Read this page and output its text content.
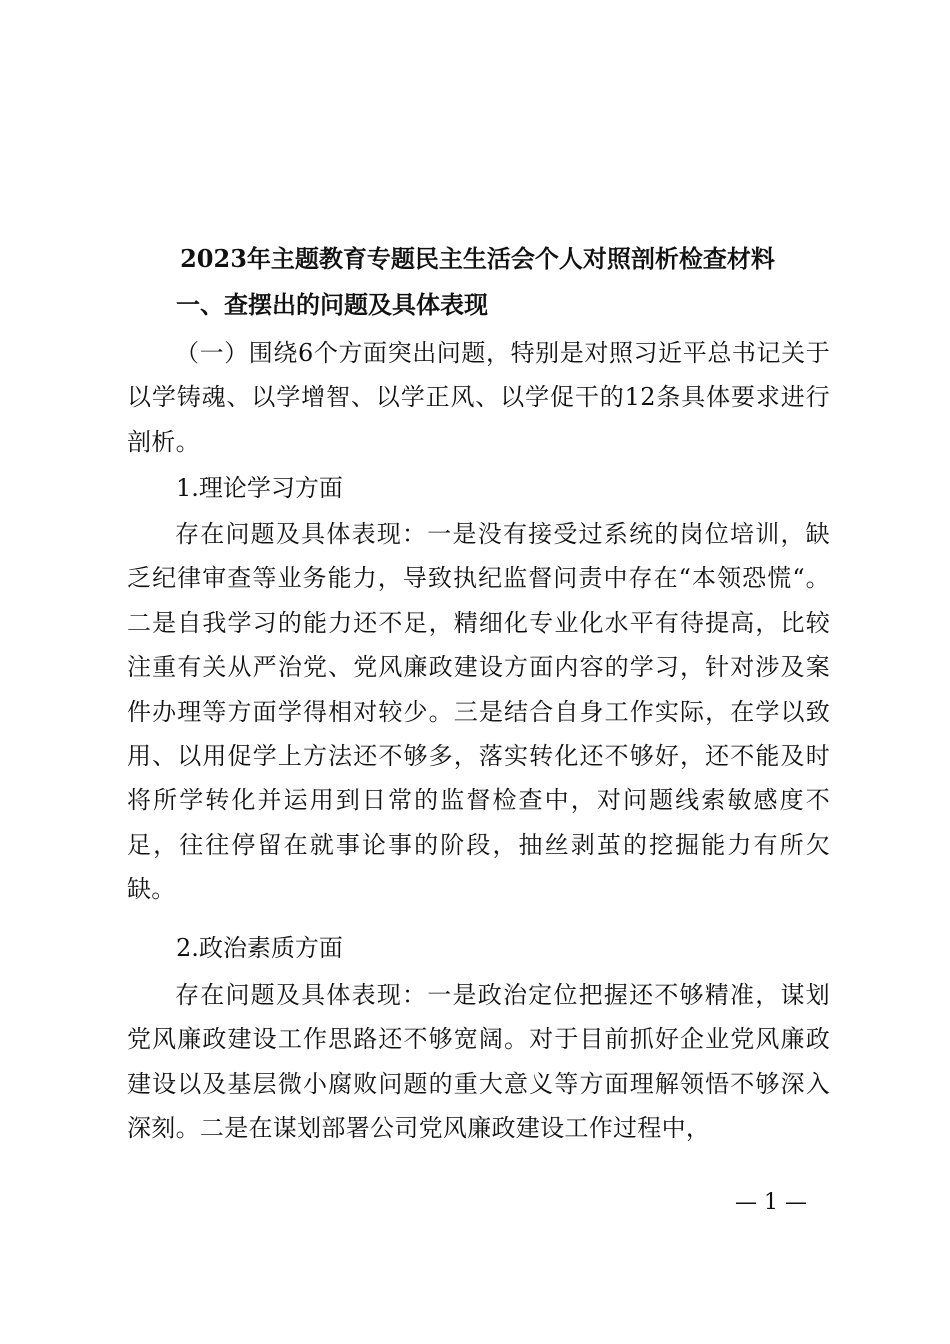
2023年主题教育专题民主生活会个人对照剖析检查材料
一、查摆出的问题及具体表现

（一）围绕6个方面突出问题，特别是对照习近平总书记关于以学铸魂、以学增智、以学正风、以学促干的12条具体要求进行剖析。

1.理论学习方面

存在问题及具体表现：一是没有接受过系统的岗位培训，缺乏纪律审查等业务能力，导致执纪监督问责中存在“本领恐慌“。二是自我学习的能力还不足，精细化专业化水平有待提高，比较注重有关从严治党、党风廉政建设方面内容的学习，针对涉及案件办理等方面学得相对较少。三是结合自身工作实际，在学以致用、以用促学上方法还不够多，落实转化还不够好，还不能及时将所学转化并运用到日常的监督检查中，对问题线索敏感度不足，往往停留在就事论事的阶段，抽丝剥茧的挖掘能力有所欠缺。

2.政治素质方面

存在问题及具体表现：一是政治定位把握还不够精准，谋划党风廉政建设工作思路还不够宽阔。对于目前抓好企业党风廉政建设以及基层微小腐败问题的重大意义等方面理解领悟不够深入深刻。二是在谋划部署公司党风廉政建设工作过程中，

— 1 —
